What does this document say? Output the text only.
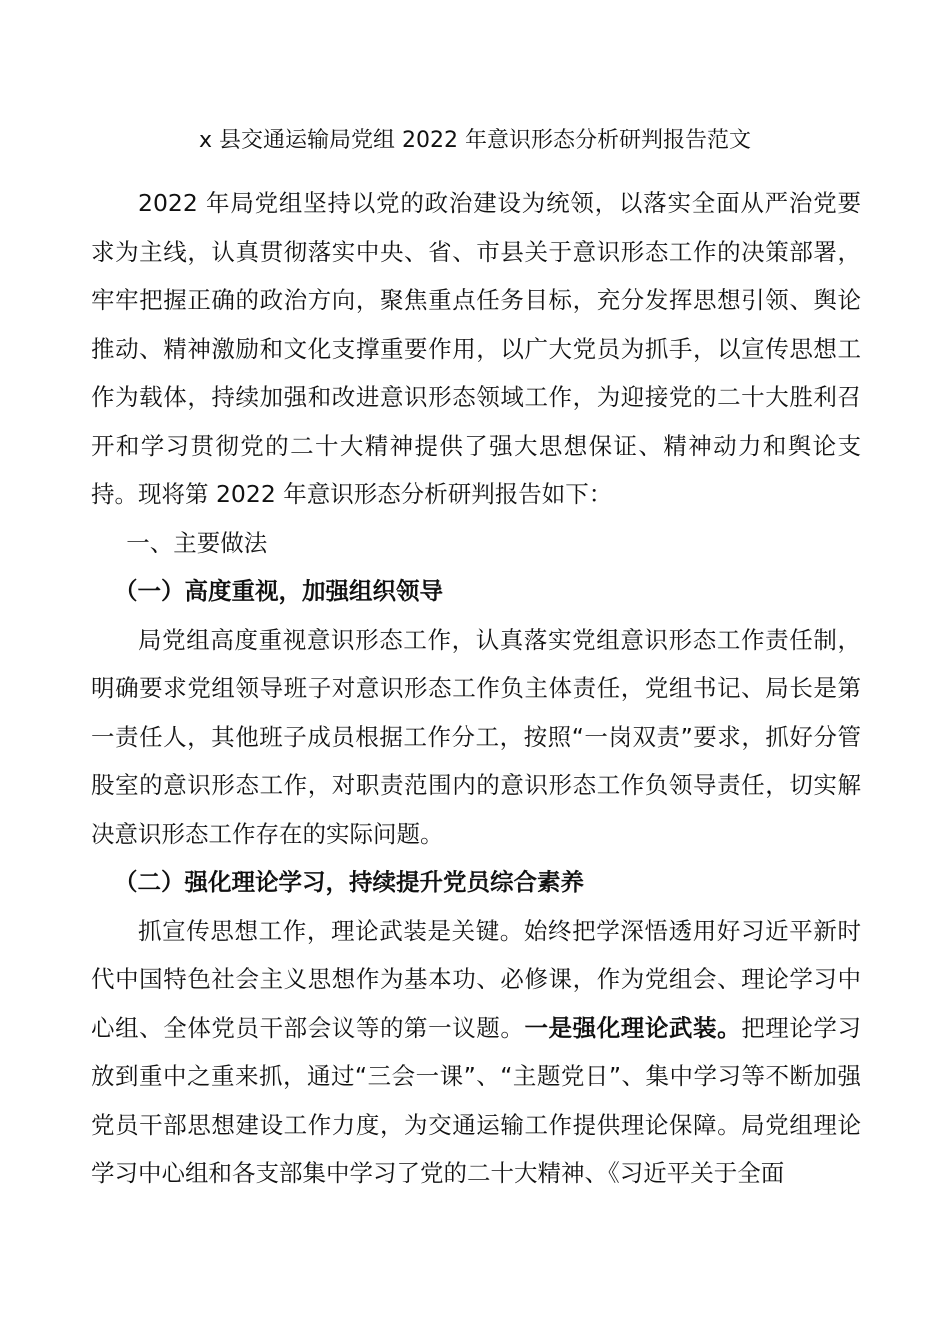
x 县交通运输局党组 2022 年意识形态分析研判报告范文

2022 年局党组坚持以党的政治建设为统领，以落实全面从严治党要求为主线，认真贯彻落实中央、省、市县关于意识形态工作的决策部署，牢牢把握正确的政治方向，聚焦重点任务目标，充分发挥思想引领、舆论推动、精神激励和文化支撑重要作用，以广大党员为抓手，以宣传思想工作为载体，持续加强和改进意识形态领域工作，为迎接党的二十大胜利召开和学习贯彻党的二十大精神提供了强大思想保证、精神动力和舆论支持。现将第 2022 年意识形态分析研判报告如下：

一、主要做法

（一）高度重视，加强组织领导

局党组高度重视意识形态工作，认真落实党组意识形态工作责任制，明确要求党组领导班子对意识形态工作负主体责任，党组书记、局长是第一责任人，其他班子成员根据工作分工，按照“一岗双责”要求，抓好分管股室的意识形态工作，对职责范围内的意识形态工作负领导责任，切实解决意识形态工作存在的实际问题。

（二）强化理论学习，持续提升党员综合素养

抓宣传思想工作，理论武装是关键。始终把学深悟透用好习近平新时代中国特色社会主义思想作为基本功、必修课，作为党组会、理论学习中心组、全体党员干部会议等的第一议题。一是强化理论武装。把理论学习放到重中之重来抓，通过“三会一课”、“主题党日”、集中学习等不断加强党员干部思想建设工作力度，为交通运输工作提供理论保障。局党组理论学习中心组和各支部集中学习了党的二十大精神、《习近平关于全面
